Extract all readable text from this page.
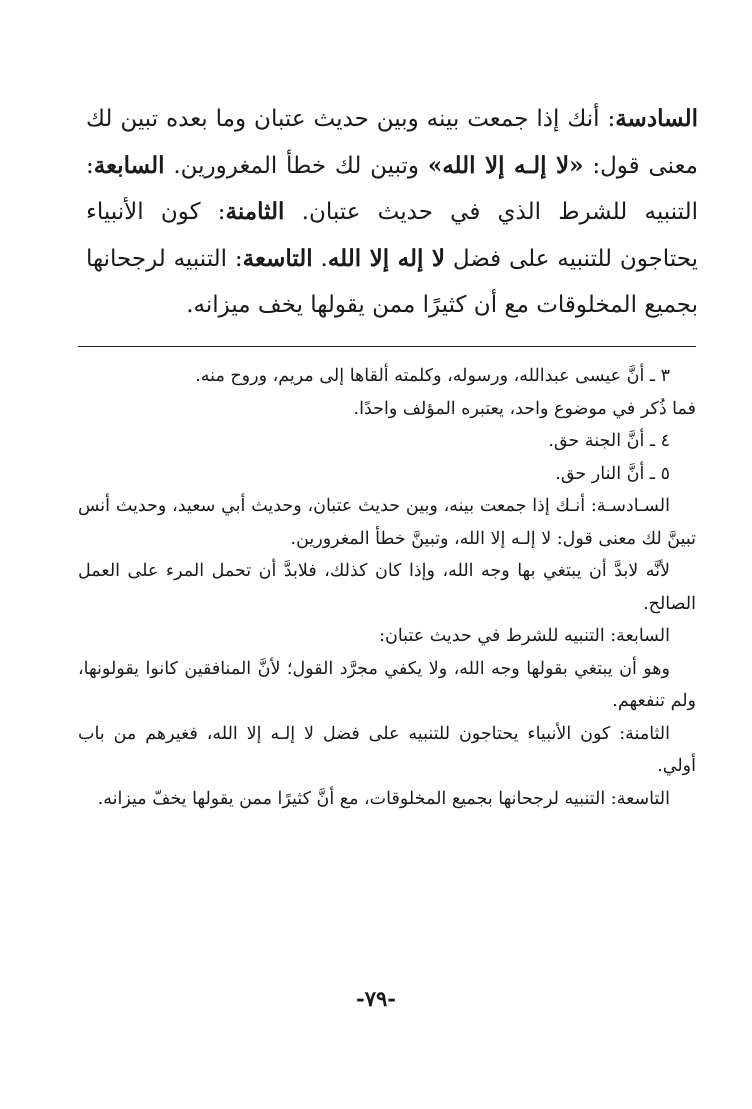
السادسة: أنك إذا جمعت بينه وبين حديث عتبان وما بعده تبين لك معنى قول: «لا إلـه إلا الله» وتبين لك خطأ المغرورين. السابعة: التنبيه للشرط الذي في حديث عتبان. الثامنة: كون الأنبياء يحتاجون للتنبيه على فضل لا إله إلا الله. التاسعة: التنبيه لرجحانها بجميع المخلوقات مع أن كثيرًا ممن يقولها يخف ميزانه.

٣ ـ أنَّ عيسى عبدالله، ورسوله، وكلمته ألقاها إلى مريم، وروح منه.

فما ذُكر في موضوع واحد، يعتبره المؤلف واحدًا.

٤ ـ أنَّ الجنة حق.

٥ ـ أنَّ النار حق.

السـادسـة: أنـك إذا جمعت بينه، وبين حديث عتبان، وحديث أبي سعيد، وحديث أنس تبينَّ لك معنى قول: لا إلـه إلا الله، وتبينَّ خطأ المغرورين.

لأنَّه لابدَّ أن يبتغي بها وجه الله، وإذا كان كذلك، فلابدَّ أن تحمل المرء على العمل الصالح.

السابعة: التنبيه للشرط في حديث عتبان:

وهو أن يبتغي بقولها وجه الله، ولا يكفي مجرَّد القول؛ لأنَّ المنافقين كانوا يقولونها، ولم تنفعهم.

الثامنة: كون الأنبياء يحتاجون للتنبيه على فضل لا إلـه إلا الله، فغيرهم من باب أولي.

التاسعة: التنبيه لرجحانها بجميع المخلوقات، مع أنَّ كثيرًا ممن يقولها يخفّ ميزانه.

-٧٩-
